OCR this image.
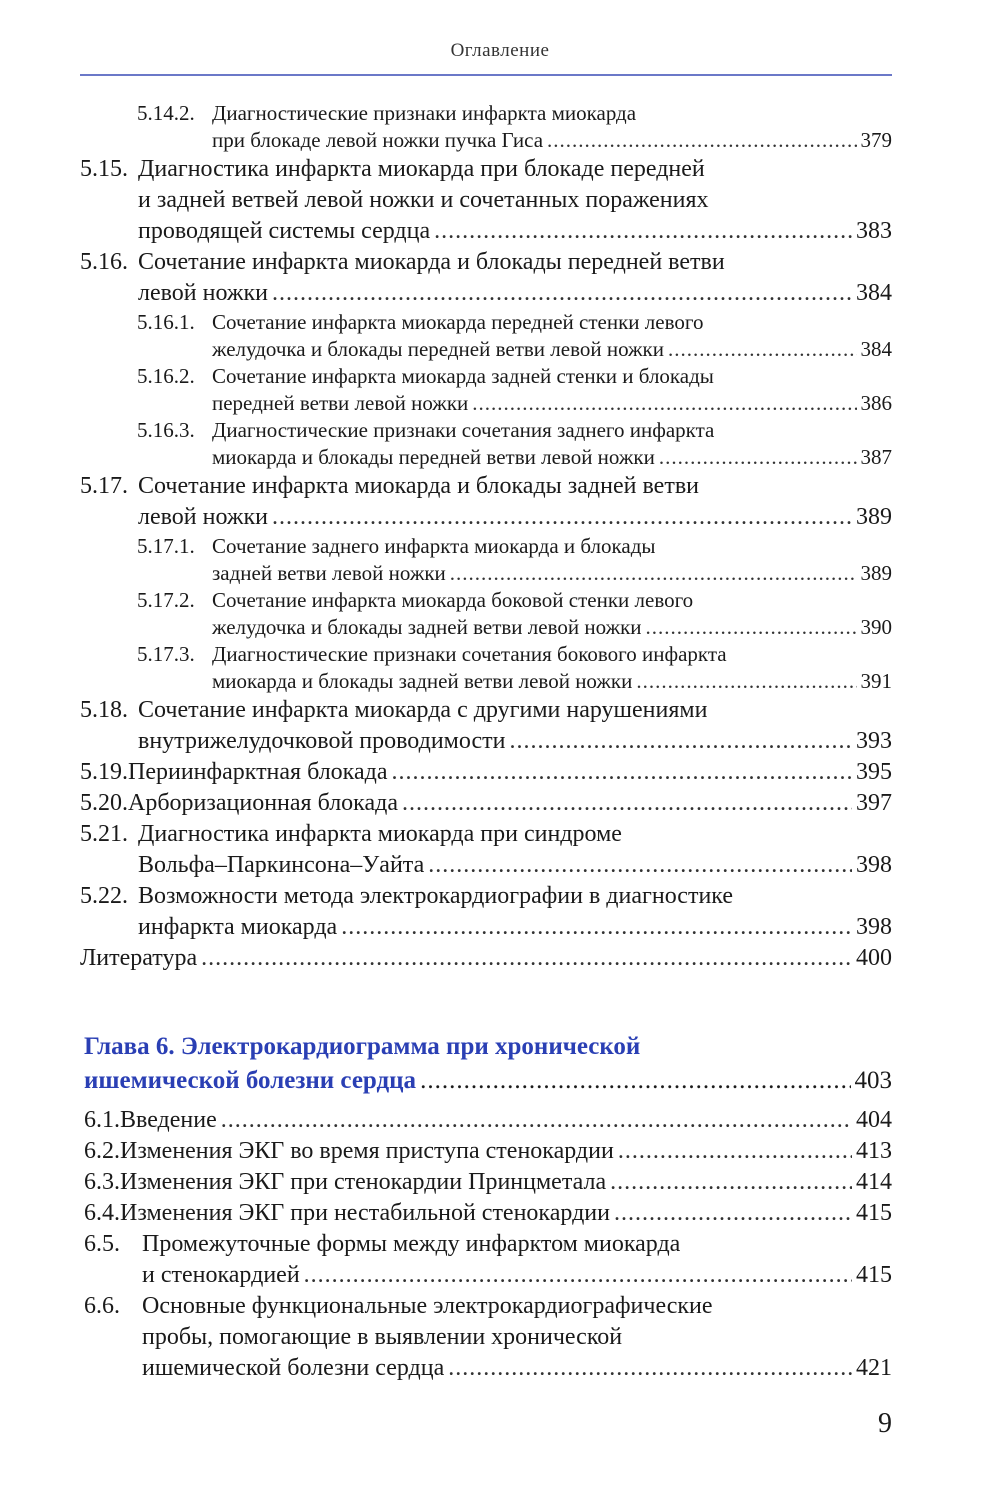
Оглавление
5.14.2. Диагностические признаки инфаркта миокарда
при блокаде левой ножки пучка Гиса .....	379
5.15. Диагностика инфаркта миокарда при блокаде передней
и задней ветвей левой ножки и сочетанных поражениях
проводящей системы сердца .....	383
5.16. Сочетание инфаркта миокарда и блокады передней ветви
левой ножки .....	384
5.16.1. Сочетание инфаркта миокарда передней стенки левого
желудочка и блокады передней ветви левой ножки .....	384
5.16.2. Сочетание инфаркта миокарда задней стенки и блокады
передней ветви левой ножки .....	386
5.16.3. Диагностические признаки сочетания заднего инфаркта
миокарда и блокады передней ветви левой ножки .....	387
5.17. Сочетание инфаркта миокарда и блокады задней ветви
левой ножки .....	389
5.17.1. Сочетание заднего инфаркта миокарда и блокады
задней ветви левой ножки .....	389
5.17.2. Сочетание инфаркта миокарда боковой стенки левого
желудочка и блокады задней ветви левой ножки .....	390
5.17.3. Диагностические признаки сочетания бокового инфаркта
миокарда и блокады задней ветви левой ножки .....	391
5.18. Сочетание инфаркта миокарда с другими нарушениями
внутрижелудочковой проводимости .....	393
5.19. Периинфарктная блокада .....	395
5.20. Арборизационная блокада .....	397
5.21. Диагностика инфаркта миокарда при синдроме
Вольфа–Паркинсона–Уайта .....	398
5.22. Возможности метода электрокардиографии в диагностике
инфаркта миокарда .....	398
Литература .....	400
Глава 6. Электрокардиограмма при хронической
ишемической болезни сердца .....	403
6.1. Введение .....	404
6.2. Изменения ЭКГ во время приступа стенокардии .....	413
6.3. Изменения ЭКГ при стенокардии Принцметала .....	414
6.4. Изменения ЭКГ при нестабильной стенокардии .....	415
6.5. Промежуточные формы между инфарктом миокарда
и стенокардией .....	415
6.6. Основные функциональные электрокардиографические
пробы, помогающие в выявлении хронической
ишемической болезни сердца .....	421
9
